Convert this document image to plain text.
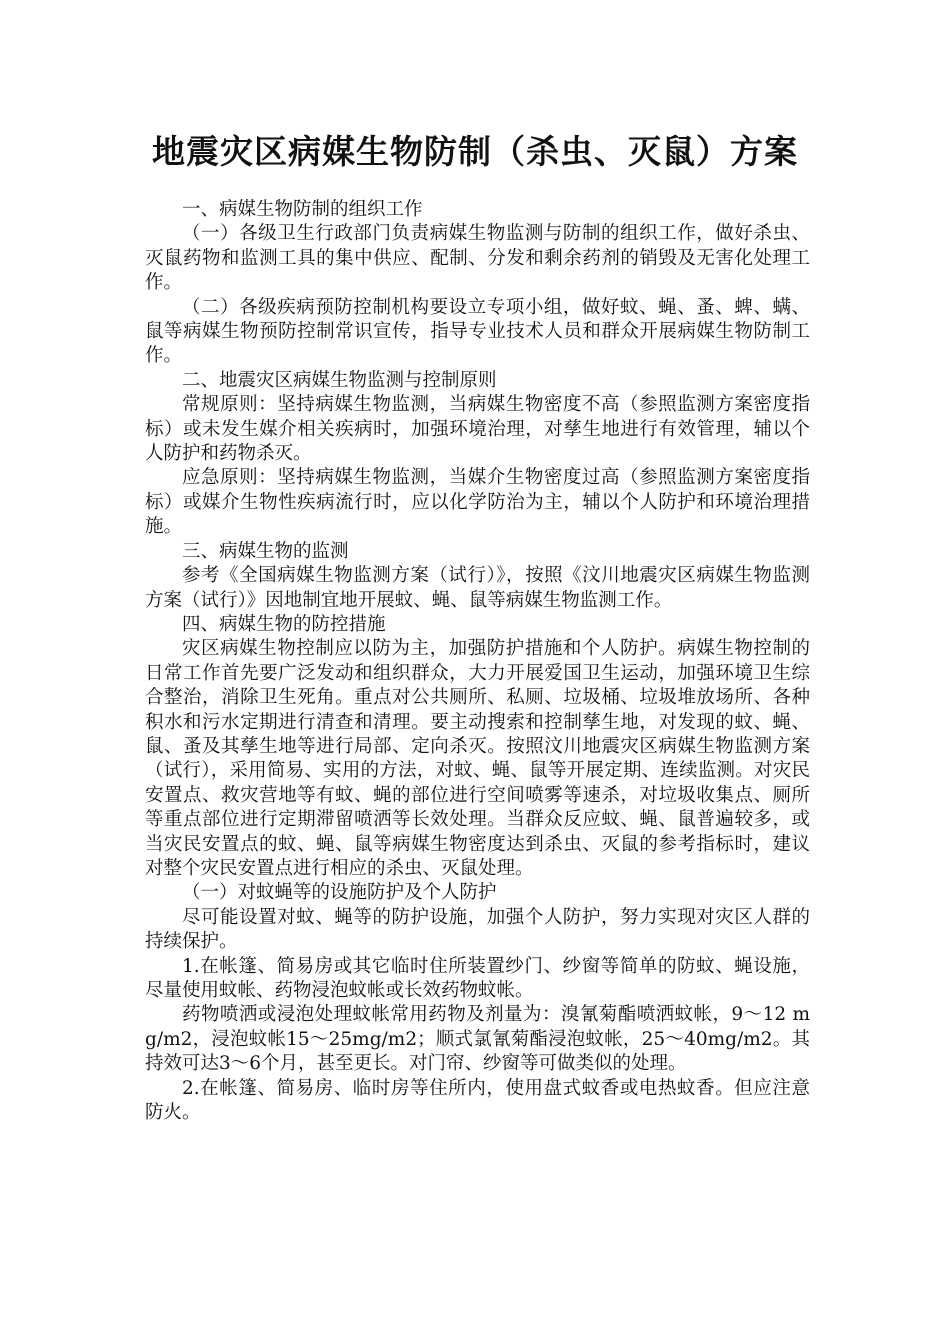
地震灾区病媒生物防制（杀虫、灭鼠）方案

一、病媒生物防制的组织工作

（一）各级卫生行政部门负责病媒生物监测与防制的组织工作，做好杀虫、灭鼠药物和监测工具的集中供应、配制、分发和剩余药剂的销毁及无害化处理工作。

（二）各级疾病预防控制机构要设立专项小组，做好蚊、蝇、蚤、蜱、螨、鼠等病媒生物预防控制常识宣传，指导专业技术人员和群众开展病媒生物防制工作。

二、地震灾区病媒生物监测与控制原则

常规原则：坚持病媒生物监测，当病媒生物密度不高（参照监测方案密度指标）或未发生媒介相关疾病时，加强环境治理，对孳生地进行有效管理，辅以个人防护和药物杀灭。

应急原则：坚持病媒生物监测，当媒介生物密度过高（参照监测方案密度指标）或媒介生物性疾病流行时，应以化学防治为主，辅以个人防护和环境治理措施。

三、病媒生物的监测

参考《全国病媒生物监测方案（试行）》，按照《汶川地震灾区病媒生物监测方案（试行）》因地制宜地开展蚊、蝇、鼠等病媒生物监测工作。

四、病媒生物的防控措施

灾区病媒生物控制应以防为主，加强防护措施和个人防护。病媒生物控制的日常工作首先要广泛发动和组织群众，大力开展爱国卫生运动，加强环境卫生综合整治，消除卫生死角。重点对公共厕所、私厕、垃圾桶、垃圾堆放场所、各种积水和污水定期进行清查和清理。要主动搜索和控制孳生地，对发现的蚊、蝇、鼠、蚤及其孳生地等进行局部、定向杀灭。按照汶川地震灾区病媒生物监测方案（试行），采用简易、实用的方法，对蚊、蝇、鼠等开展定期、连续监测。对灾民安置点、救灾营地等有蚊、蝇的部位进行空间喷雾等速杀，对垃圾收集点、厕所等重点部位进行定期滞留喷洒等长效处理。当群众反应蚊、蝇、鼠普遍较多，或当灾民安置点的蚊、蝇、鼠等病媒生物密度达到杀虫、灭鼠的参考指标时，建议对整个灾民安置点进行相应的杀虫、灭鼠处理。

（一）对蚊蝇等的设施防护及个人防护

尽可能设置对蚊、蝇等的防护设施，加强个人防护，努力实现对灾区人群的持续保护。

1.在帐篷、简易房或其它临时住所装置纱门、纱窗等简单的防蚊、蝇设施，尽量使用蚊帐、药物浸泡蚊帐或长效药物蚊帐。

药物喷洒或浸泡处理蚊帐常用药物及剂量为：溴氰菊酯喷洒蚊帐，9～12 mg/m2，浸泡蚊帐15～25mg/m2；顺式氯氰菊酯浸泡蚊帐，25～40mg/m2。其持效可达3～6个月，甚至更长。对门帘、纱窗等可做类似的处理。

2.在帐篷、简易房、临时房等住所内，使用盘式蚊香或电热蚊香。但应注意防火。
